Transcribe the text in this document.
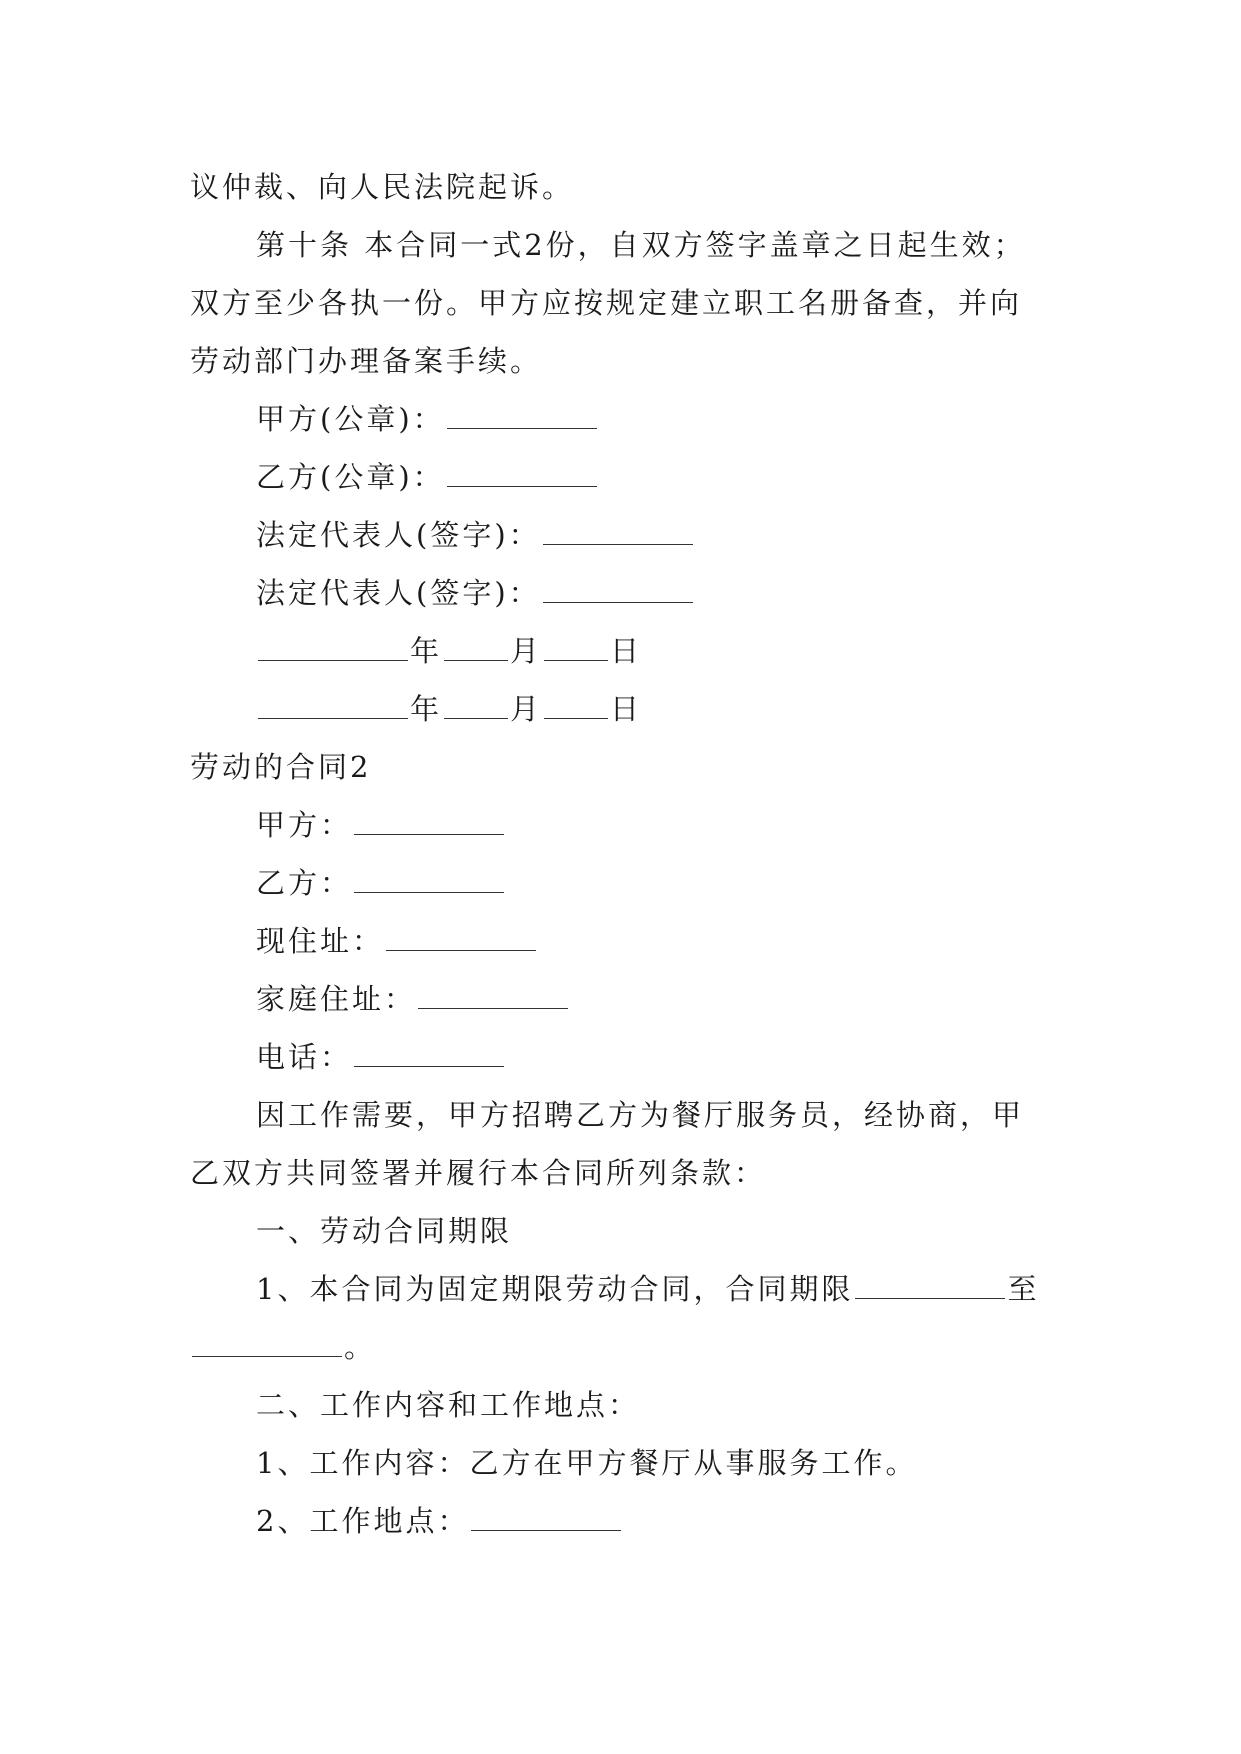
议仲裁、向人民法院起诉。
第十条 本合同一式2份，自双方签字盖章之日起生效；
双方至少各执一份。甲方应按规定建立职工名册备查，并向
劳动部门办理备案手续。
甲方(公章)：
乙方(公章)：
法定代表人(签字)：
法定代表人(签字)：
年 月 日
年 月 日
劳动的合同2
甲方：
乙方：
现住址：
家庭住址：
电话：
因工作需要，甲方招聘乙方为餐厅服务员，经协商，甲
乙双方共同签署并履行本合同所列条款：
一、劳动合同期限
1、本合同为固定期限劳动合同，合同期限	至
。
二、工作内容和工作地点：
1、工作内容：乙方在甲方餐厅从事服务工作。
2、工作地点：
